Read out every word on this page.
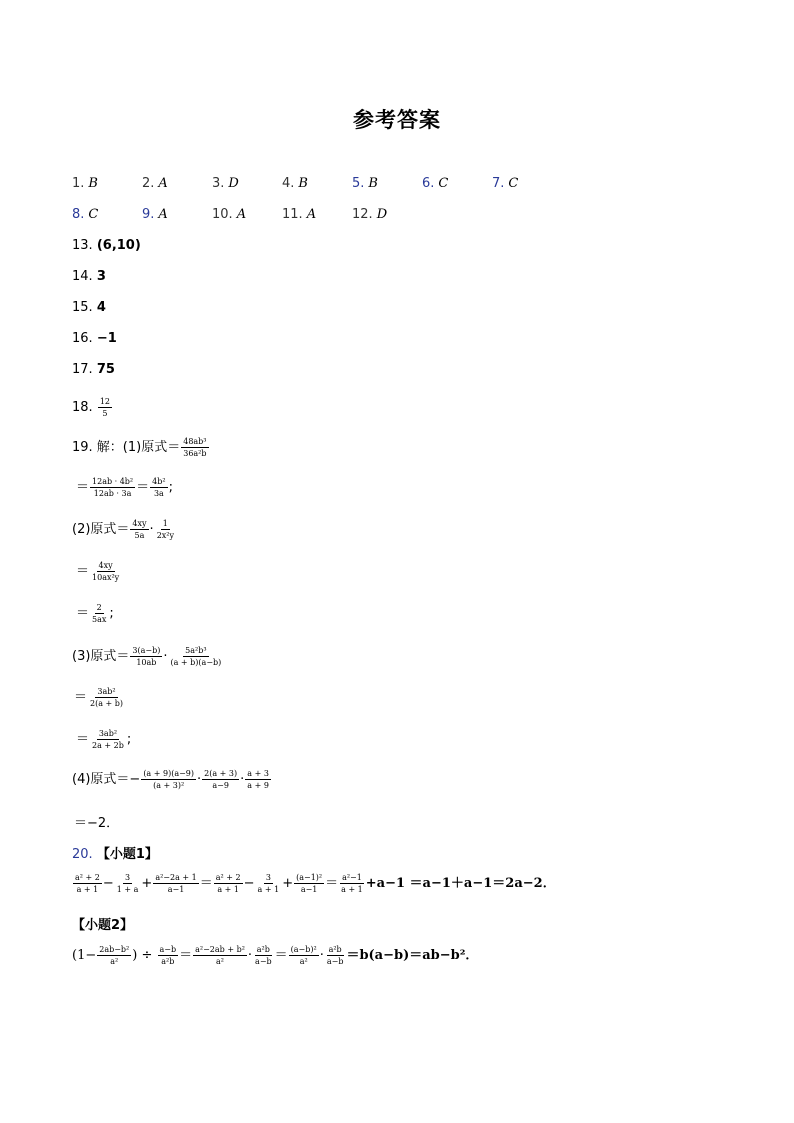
参考答案
1. B	2. A	3. D	4. B	5. B	6. C	7. C
8. C	9. A	10. A	11. A	12. D
13. (6,10)
14. 3
15. 4
16. −1
17. 75
18. $\frac{12}{5}$
19. 解：(1)原式＝ $\frac{\text{48ab³}}{\text{36a²b}}$
＝ $\frac{\text{12ab · 4b²}}{12ab \cdot 3a} = \frac{\text{4b²}}{3a}$ ;
(2)原式＝ $\frac{4xy}{5a} \cdot \frac{1}{\text{2x²y}}$
＝ $\frac{4xy}{\text{10ax²y}}$
＝ $\frac{2}{5ax}$ ;
(3)原式＝ $\frac{3(a-b)}{10ab} \cdot \frac{\text{5a²b³}}{(a + b)(a-b)}$
＝ $\frac{\text{3ab²}}{2(a + b)}$
＝ $\frac{\text{3ab²}}{2a + 2b}$ ;
(4)原式＝− $\frac{(a + 9)(a-9)}{\text{(a + 3)²}} \cdot \frac{2(a + 3)}{a-9} \cdot \frac{a + 3}{a + 9}$
＝−2．
20. 【小题1】
$\frac{\text{a² + 2}}{a + 1} - \frac{3}{1 + a} + \frac{\text{a²−2a + 1}}{a-1} = \frac{\text{a² + 2}}{a + 1} - \frac{3}{a + 1} + \frac{\text{(a−1)²}}{a-1} = \frac{\text{a²−1}}{a + 1} +a-1 =a-1+a-1=2a-2$．
【小题2】
($1- \frac{\text{2ab−b²}}{\text{a²}}$ ) ÷ $\frac{a-b}{\text{a²b}} = \frac{\text{a²−2ab + b²}}{\text{a²}} \cdot \frac{\text{a²b}}{a-b} = \frac{\text{(a−b)²}}{\text{a²}} \cdot \frac{\text{a²b}}{a-b} =b(a-b)=ab-b^2$．
